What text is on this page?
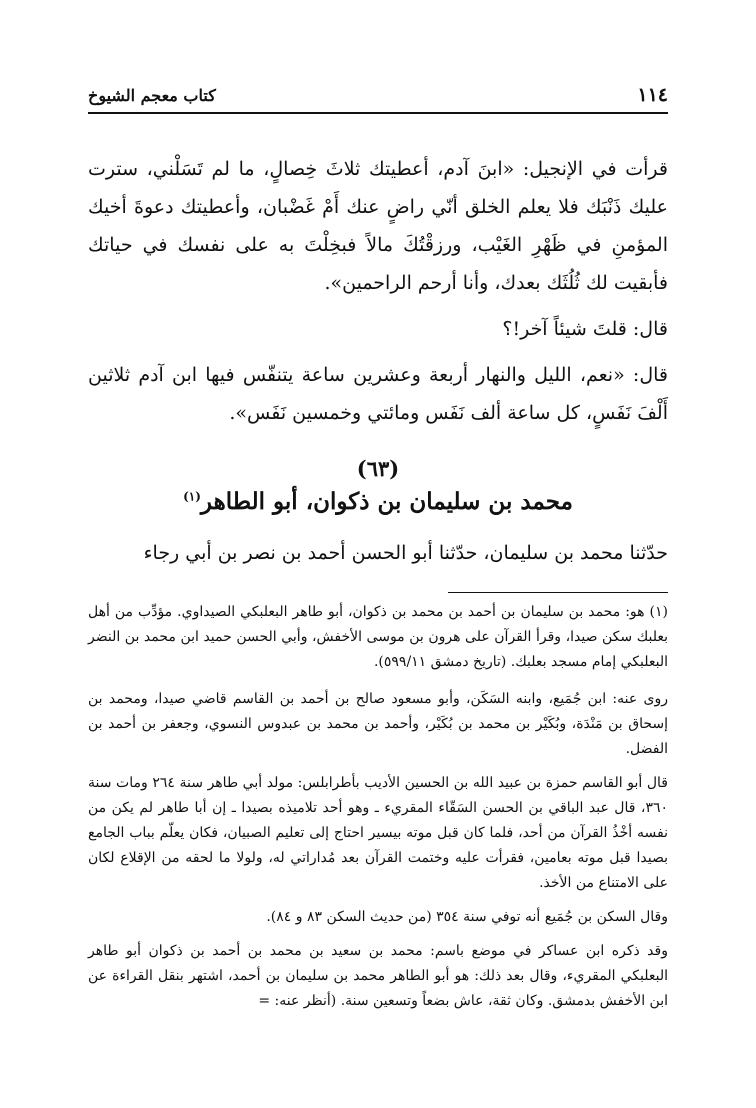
١١٤
كتاب معجم الشيوخ

قرأت في الإنجيل: «ابنَ آدم، أعطيتك ثلاثَ خِصالٍ، ما لم تَسَلْني، سترت عليك ذَنْبَك فلا يعلم الخلق أنّي راضٍ عنك أَمْ غَضْبان، وأعطيتك دعوةَ أخيك المؤمنِ في ظَهْرِ الغَيْب، ورزقْتُكَ مالاً فبخِلْتَ به على نفسك في حياتك فأبقيت لك ثُلُثَك بعدك، وأنا أرحم الراحمين».

قال: قلتَ شيئاً آخر!؟

قال: «نعم، الليل والنهار أربعة وعشرين ساعة يتنفّس فيها ابن آدم ثلاثين أَلْفَ نَفَسٍ، كل ساعة ألف نَفَس ومائتي وخمسين نَفَس».

(٦٣)
محمد بن سليمان بن ذكوان، أبو الطاهر$^{(١)}$
حدّثنا محمد بن سليمان، حدّثنا أبو الحسن أحمد بن نصر بن أبي رجاء

(١) هو: محمد بن سليمان بن أحمد بن محمد بن ذكوان، أبو طاهر البعلبكي الصيداوي. مؤدِّب من أهل بعلبك سكن صيدا، وقرأ القرآن على هرون بن موسى الأخفش، وأبي الحسن حميد ابن محمد بن النضر البعلبكي إمام مسجد بعلبك. (تاريخ دمشق ٥٩٩/١١).

روى عنه: ابن جُمَيع، وابنه السَكَن، وأبو مسعود صالح بن أحمد بن القاسم قاضي صيدا، ومحمد بن إسحاق بن مَنْدَة، وبُكَيْر بن محمد بن بُكَيْر، وأحمد بن محمد بن عبدوس النسوي، وجعفر بن أحمد بن الفضل.

قال أبو القاسم حمزة بن عبيد الله بن الحسين الأديب بأطرابلس: مولد أبي طاهر سنة ٢٦٤ ومات سنة ٣٦٠، قال عبد الباقي بن الحسن السَقّاء المقريء ـ وهو أحد تلاميذه بصيدا ـ إن أبا طاهر لم يكن من نفسه أخْذُ القرآن من أحد، فلما كان قبل موته بيسير احتاج إلى تعليم الصبيان، فكان يعلّم بباب الجامع بصيدا قبل موته بعامين، فقرأت عليه وختمت القرآن بعد مُداراتي له، ولولا ما لحقه من الإقلاع لكان على الامتناع من الأخذ.

وقال السكن بن جُمَيع أنه توفي سنة ٣٥٤ (من حديث السكن ٨٣ و ٨٤).

وقد ذكره ابن عساكر في موضع باسم: محمد بن سعيد بن محمد بن أحمد بن ذكوان أبو طاهر البعلبكي المقريء، وقال بعد ذلك: هو أبو الطاهر محمد بن سليمان بن أحمد، اشتهر بنقل القراءة عن ابن الأخفش بدمشق. وكان ثقة، عاش بضعاً وتسعين سنة. (أنظر عنه: =
